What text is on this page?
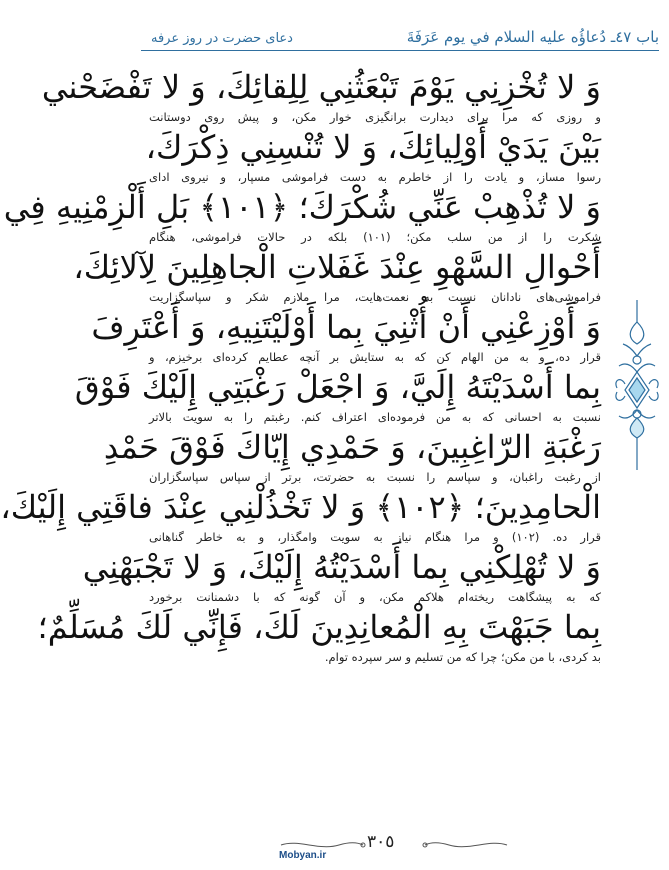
باب ٤٧ـ دُعاؤُه عليه السلام في يوم عَرَفَةَ
دعای حضرت در روز عرفه
وَ لا تُخْزِنِي يَوْمَ تَبْعَثُنِي لِلِقائِكَ، وَ لا تَفْضَحْني
و روزی كه مرا برای ديدارت برانگيزی خوار مكن، و پيش روی دوستانت
بَيْنَ يَدَيْ أَوْلِيائِكَ، وَ لا تُنْسِنِي ذِكْرَكَ،
رسوا مساز، و يادت را از خاطرم به دست فراموشی مسپار، و نيروی ادای
وَ لا تُذْهِبْ عَنِّي شُكْرَكَ؛ ﴿١٠١﴾ بَلِ أَلْزِمْنِيهِ فِي
شكرت را از من سلب مكن؛ (١٠١) بلكه در حالات فراموشی، هنگام
أَحْوالِ السَّهْوِ عِنْدَ غَفَلاتِ الْجاهِلِينَ لِآلائِكَ،
فراموشی‌های نادانان نسبت به نعمت‌هايت، مرا ملازم شكر و سپاسگزاريت
وَ أَوْزِعْنِي أَنْ أُثْنِيَ بِما أَوْلَيْتَنِيهِ، وَ أَعْتَرِفَ
قرار ده، و به من الهام كن كه به ستايش بر آنچه عطايم كرده‌ای برخيزم، و
بِما أَسْدَيْتَهُ إِلَيَّ، وَ اجْعَلْ رَغْبَتِي إِلَيْكَ فَوْقَ
نسبت به احسانی كه به من فرموده‌ای اعتراف كنم. رغبتم را به سويت بالاتر
رَغْبَةِ الرّاغِبِينَ، وَ حَمْدِي إِيّاكَ فَوْقَ حَمْدِ
از رغبت راغبان، و سپاسم را نسبت به حضرتت، برتر از سپاس سپاسگزاران
الْحامِدِينَ؛ ﴿١٠٢﴾ وَ لا تَخْذُلْنِي عِنْدَ فاقَتِي إِلَيْكَ،
قرار ده. (١٠٢) و مرا هنگام نياز به سويت وامگذار، و به خاطر گناهانی
وَ لا تُهْلِكْنِي بِما أَسْدَيْتُهُ إِلَيْكَ، وَ لا تَجْبَهْنِي
كه به پيشگاهت ريخته‌ام هلاكم مكن، و آن گونه كه با دشمنانت برخورد
بِما جَبَهْتَ بِهِ الْمُعانِدِينَ لَكَ، فَإِنِّي لَكَ مُسَلِّمٌ؛
بد كردی، با من مكن؛ چرا كه من تسليم و سر سپرده توام.
٣٠٥
Mobyan.ir
